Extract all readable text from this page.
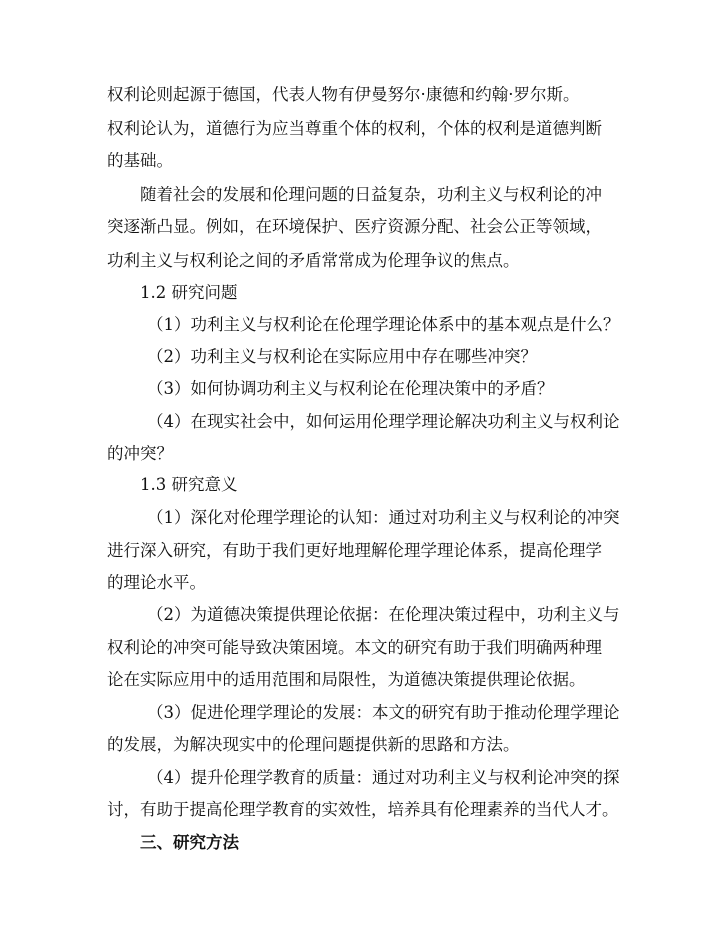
权利论则起源于德国，代表人物有伊曼努尔·康德和约翰·罗尔斯。
权利论认为，道德行为应当尊重个体的权利，个体的权利是道德判断
的基础。
随着社会的发展和伦理问题的日益复杂，功利主义与权利论的冲
突逐渐凸显。例如，在环境保护、医疗资源分配、社会公正等领域，
功利主义与权利论之间的矛盾常常成为伦理争议的焦点。
1.2 研究问题
（1）功利主义与权利论在伦理学理论体系中的基本观点是什么？
（2）功利主义与权利论在实际应用中存在哪些冲突？
（3）如何协调功利主义与权利论在伦理决策中的矛盾？
（4）在现实社会中，如何运用伦理学理论解决功利主义与权利论
的冲突？
1.3 研究意义
（1）深化对伦理学理论的认知：通过对功利主义与权利论的冲突
进行深入研究，有助于我们更好地理解伦理学理论体系，提高伦理学
的理论水平。
（2）为道德决策提供理论依据：在伦理决策过程中，功利主义与
权利论的冲突可能导致决策困境。本文的研究有助于我们明确两种理
论在实际应用中的适用范围和局限性，为道德决策提供理论依据。
（3）促进伦理学理论的发展：本文的研究有助于推动伦理学理论
的发展，为解决现实中的伦理问题提供新的思路和方法。
（4）提升伦理学教育的质量：通过对功利主义与权利论冲突的探
讨，有助于提高伦理学教育的实效性，培养具有伦理素养的当代人才。
三、研究方法
